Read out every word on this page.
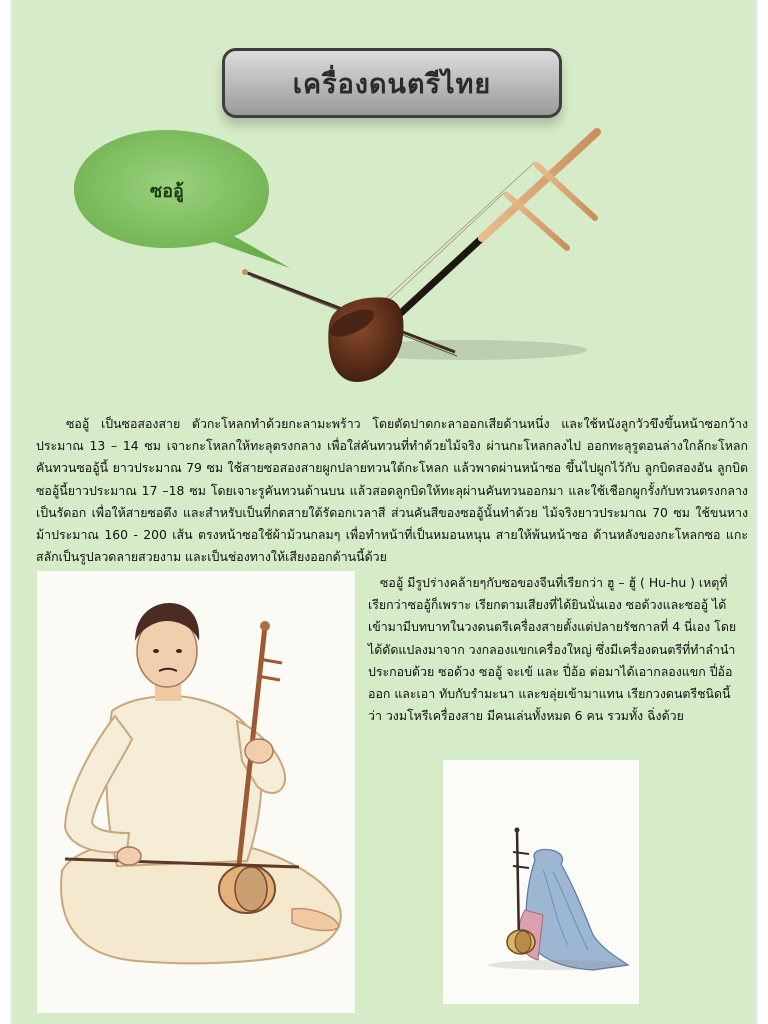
เครื่องดนตรีไทย
ซออู้

ซออู้ เป็นซอสองสาย ตัวกะโหลกทำด้วยกะลามะพร้าว โดยตัดปาดกะลาออกเสียด้านหนึ่ง และใช้หนังลูกวัวขึงขึ้นหน้าซอกว้างประมาณ 13 – 14 ซม เจาะกะโหลกให้ทะลุตรงกลาง เพื่อใส่คันทวนที่ทำด้วยไม้จริง ผ่านกะโหลกลงไป ออกทะลุรูตอนล่างใกล้กะโหลก คันทวนซออู้นี้ ยาวประมาณ 79 ซม ใช้สายซอสองสายผูกปลายทวนใต้กะโหลก แล้วพาดผ่านหน้าซอ ขึ้นไปผูกไว้กับ ลูกบิดสองอัน ลูกบิดซออู้นี้ยาวประมาณ 17 –18 ซม โดยเจาะรูคันทวนด้านบน แล้วสอดลูกบิดให้ทะลุผ่านคันทวนออกมา และใช้เชือกผูกรั้งกับทวนตรงกลางเป็นรัดอก เพื่อให้สายซอตึง และสำหรับเป็นที่กดสายใต้รัดอกเวลาสี ส่วนคันสีของซออู้นั้นทำด้วย ไม้จริงยาวประมาณ 70 ซม ใช้ขนหางม้าประมาณ 160 - 200 เส้น ตรงหน้าซอใช้ผ้าม้วนกลมๆ เพื่อทำหน้าที่เป็นหมอนหนุน สายให้พ้นหน้าซอ ด้านหลังของกะโหลกซอ แกะสลักเป็นรูปลวดลายสวยงาม และเป็นช่องทางให้เสียงออกด้านนี้ด้วย

ซออู้ มีรูปร่างคล้ายๆกับซอของจีนที่เรียกว่า ฮู – ฮู้ ( Hu-hu ) เหตุที่เรียกว่าซออู้ก็เพราะ เรียกตามเสียงที่ได้ยินนั่นเอง ซอด้วงและซออู้ ได้เข้ามามีบทบาทในวงดนตรีเครื่องสายตั้งแต่ปลายรัชกาลที่ 4 นี่เอง โดยได้ดัดแปลงมาจาก วงกลองแขกเครื่องใหญ่ ซึ่งมีเครื่องดนตรีที่ทำลำนำประกอบด้วย ซอด้วง ซออู้ จะเข้ และ ปี่อ้อ ต่อมาได้เอากลองแขก ปี่อ้อ ออก และเอา ทับกับรำมะนา และขลุ่ยเข้ามาแทน เรียกวงดนตรีชนิดนี้ว่า วงมโหรีเครื่องสาย มีคนเล่นทั้งหมด 6 คน รวมทั้ง ฉิ่งด้วย
